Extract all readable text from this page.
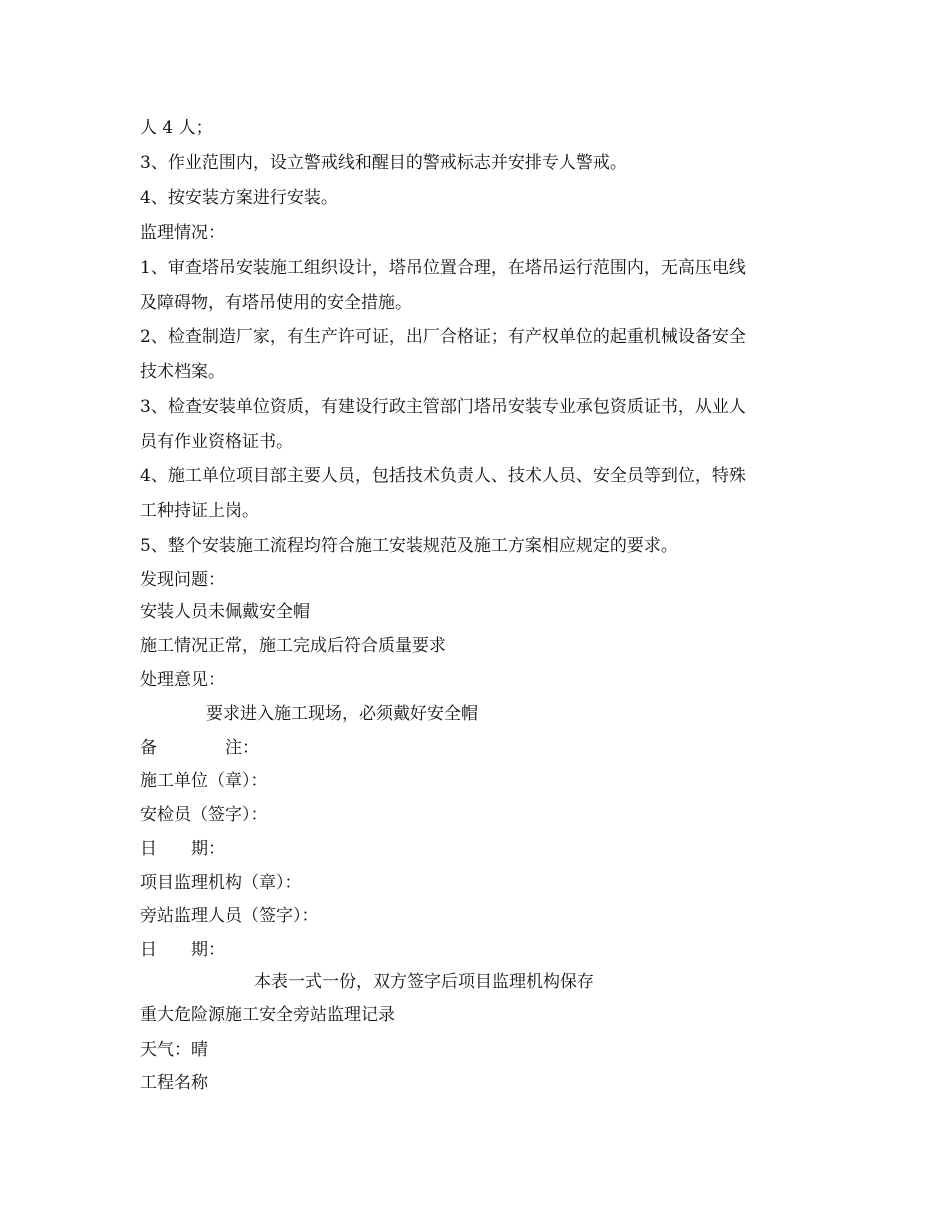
人 4 人；
3、作业范围内，设立警戒线和醒目的警戒标志并安排专人警戒。
4、按安装方案进行安装。
监理情况：
1、审查塔吊安装施工组织设计，塔吊位置合理，在塔吊运行范围内，无高压电线
及障碍物，有塔吊使用的安全措施。
2、检查制造厂家，有生产许可证，出厂合格证；有产权单位的起重机械设备安全
技术档案。
3、检查安装单位资质，有建设行政主管部门塔吊安装专业承包资质证书，从业人
员有作业资格证书。
4、施工单位项目部主要人员，包括技术负责人、技术人员、安全员等到位，特殊
工种持证上岗。
5、整个安装施工流程均符合施工安装规范及施工方案相应规定的要求。
发现问题：
安装人员未佩戴安全帽
施工情况正常，施工完成后符合质量要求
处理意见：
要求进入施工现场，必须戴好安全帽
备　　　　注：
施工单位（章）：
安检员（签字）：
日　　期：
项目监理机构（章）：
旁站监理人员（签字）：
日　　期：
本表一式一份，双方签字后项目监理机构保存
重大危险源施工安全旁站监理记录
天气：晴
工程名称
